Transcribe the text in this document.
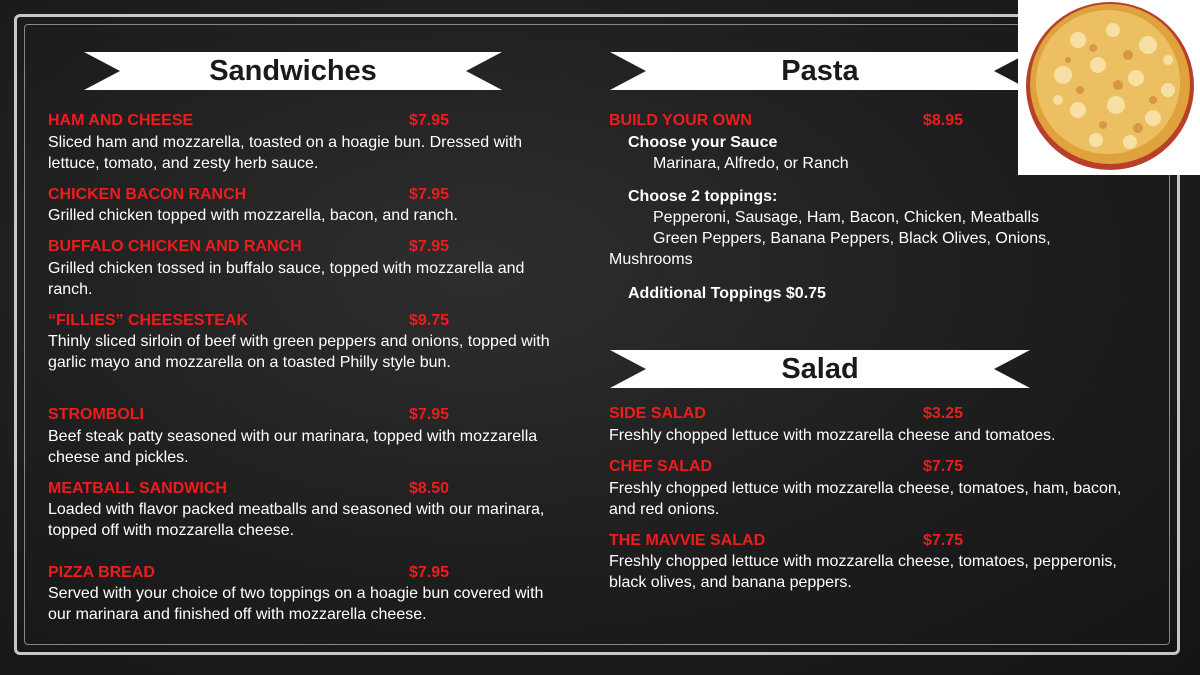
Sandwiches	Pasta
Salad
HAM AND CHEESE	$7.95

Sliced ham and mozzarella, toasted on a hoagie bun. Dressed with lettuce, tomato, and zesty herb sauce.

CHICKEN BACON RANCH	$7.95

Grilled chicken topped with mozzarella, bacon, and ranch.

BUFFALO CHICKEN AND RANCH	$7.95

Grilled chicken tossed in buffalo sauce, topped with mozzarella and ranch.

“FILLIES” CHEESESTEAK	$9.75

Thinly sliced sirloin of beef with green peppers and onions, topped with garlic mayo and mozzarella on a toasted Philly style bun.

STROMBOLI	$7.95

Beef steak patty seasoned with our marinara, topped with mozzarella cheese and pickles.

MEATBALL SANDWICH	$8.50

Loaded with flavor packed meatballs and seasoned with our marinara, topped off with mozzarella cheese.

PIZZA BREAD	$7.95

Served with your choice of two toppings on a hoagie bun covered with our marinara and finished off with mozzarella cheese.

BUILD YOUR OWN	$8.95
Choose your Sauce
Marinara, Alfredo, or Ranch
Choose 2 toppings:
Pepperoni, Sausage, Ham, Bacon, Chicken, Meatballs
Green Peppers, Banana Peppers, Black Olives, Onions,
Mushrooms
Additional Toppings $0.75
SIDE SALAD	$3.25

Freshly chopped lettuce with mozzarella cheese and tomatoes.

CHEF SALAD	$7.75

Freshly chopped lettuce with mozzarella cheese, tomatoes, ham, bacon, and red onions.

THE MAVVIE SALAD	$7.75

Freshly chopped lettuce with mozzarella cheese, tomatoes, pepperonis, black olives, and banana peppers.
